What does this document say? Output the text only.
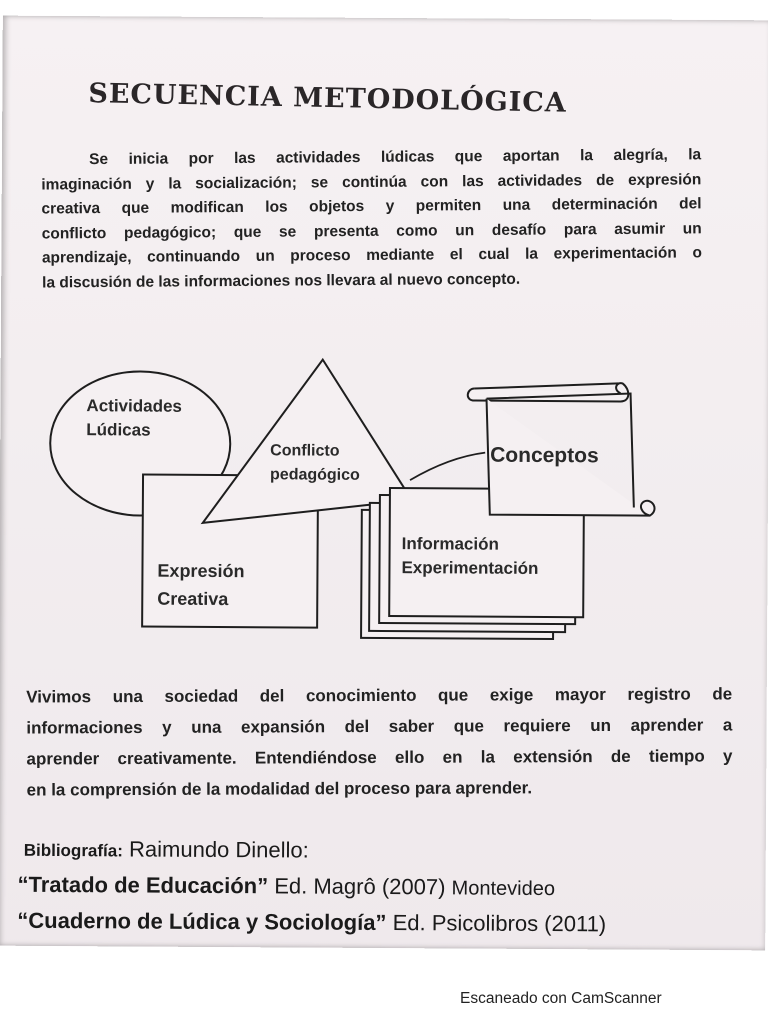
SECUENCIA METODOLÓGICA
Se inicia por las actividades lúdicas que aportan la alegría, la
imaginación y la socialización; se continúa con las actividades de expresión
creativa que modifican los objetos y permiten una determinación del
conflicto pedagógico; que se presenta como un desafío para asumir un
aprendizaje, continuando un proceso mediante el cual la experimentación o
la discusión de las informaciones nos llevara al nuevo concepto.
Actividades
Lúdicas
Conflicto
pedagógico
Conceptos
Información
Experimentación
Expresión
Creativa
Vivimos una sociedad del conocimiento que exige mayor registro de
informaciones y una expansión del saber que requiere un aprender a
aprender creativamente. Entendiéndose ello en la extensión de tiempo y
en la comprensión de la modalidad del proceso para aprender.
Bibliografía: Raimundo Dinello:
“Tratado de Educación” Ed. Magrô (2007) Montevideo
“Cuaderno de Lúdica y Sociología” Ed. Psicolibros (2011)
Escaneado con CamScanner
